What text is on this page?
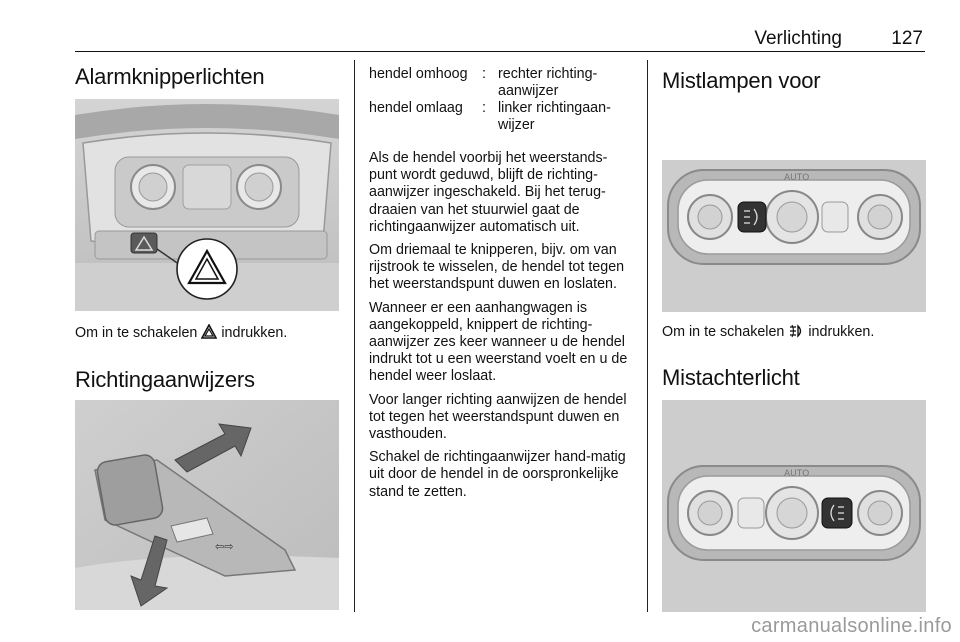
Verlichting	127
Alarmknipperlichten
Om in te schakelen indrukken.
Richtingaanwijzers
⇦⇨
hendel omhoog	: rechter richting-
aanwijzer
hendel omlaag	: linker richtingaan-
wijzer

Als de hendel voorbij het weerstands-punt wordt geduwd, blijft de richting-aanwijzer ingeschakeld. Bij het terug-draaien van het stuurwiel gaat de richtingaanwijzer automatisch uit.

Om driemaal te knipperen, bijv. om van rijstrook te wisselen, de hendel tot tegen het weerstandspunt duwen en loslaten.

Wanneer er een aanhangwagen is aangekoppeld, knippert de richting-aanwijzer zes keer wanneer u de hendel indrukt tot u een weerstand voelt en u de hendel weer loslaat.

Voor langer richting aanwijzen de hendel tot tegen het weerstandspunt duwen en vasthouden.

Schakel de richtingaanwijzer hand-matig uit door de hendel in de oorspronkelijke stand te zetten.

Mistlampen voor
AUTO
Om in te schakelen indrukken.
Mistachterlicht
AUTO
carmanualsonline.info
